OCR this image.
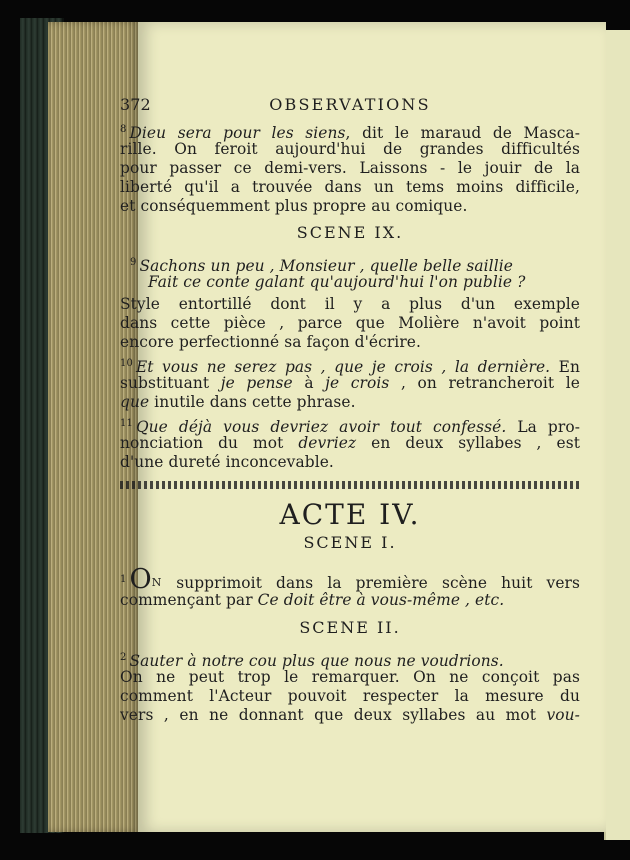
372	OBSERVATIONS
$^8$ Dieu sera pour les siens, dit le maraud de Masca-
rille. On feroit aujourd'hui de grandes difficultés
pour passer ce demi-vers. Laissons - le jouir de la
liberté qu'il a trouvée dans un tems moins difficile,
et conséquemment plus propre au comique.
SCENE IX.
$^9$ Sachons un peu , Monsieur , quelle belle saillie
Fait ce conte galant qu'aujourd'hui l'on publie ?
Style entortillé dont il y a plus d'un exemple
dans cette pièce , parce que Molière n'avoit point
encore perfectionné sa façon d'écrire.
$^{10}$ Et vous ne serez pas , que je crois , la dernière. En
substituant je pense à je crois , on retrancheroit le
que inutile dans cette phrase.
$^{11}$ Que déjà vous devriez avoir tout confessé. La pro-
nonciation du mot devriez en deux syllabes , est
d'une dureté inconcevable.
ACTE IV.
SCENE I.
$^1$ ON supprimoit dans la première scène huit vers
commençant par Ce doit être à vous-même , etc.
SCENE II.
$^2$ Sauter à notre cou plus que nous ne voudrions.
On ne peut trop le remarquer. On ne conçoit pas
comment l'Acteur pouvoit respecter la mesure du
vers , en ne donnant que deux syllabes au mot vou-
